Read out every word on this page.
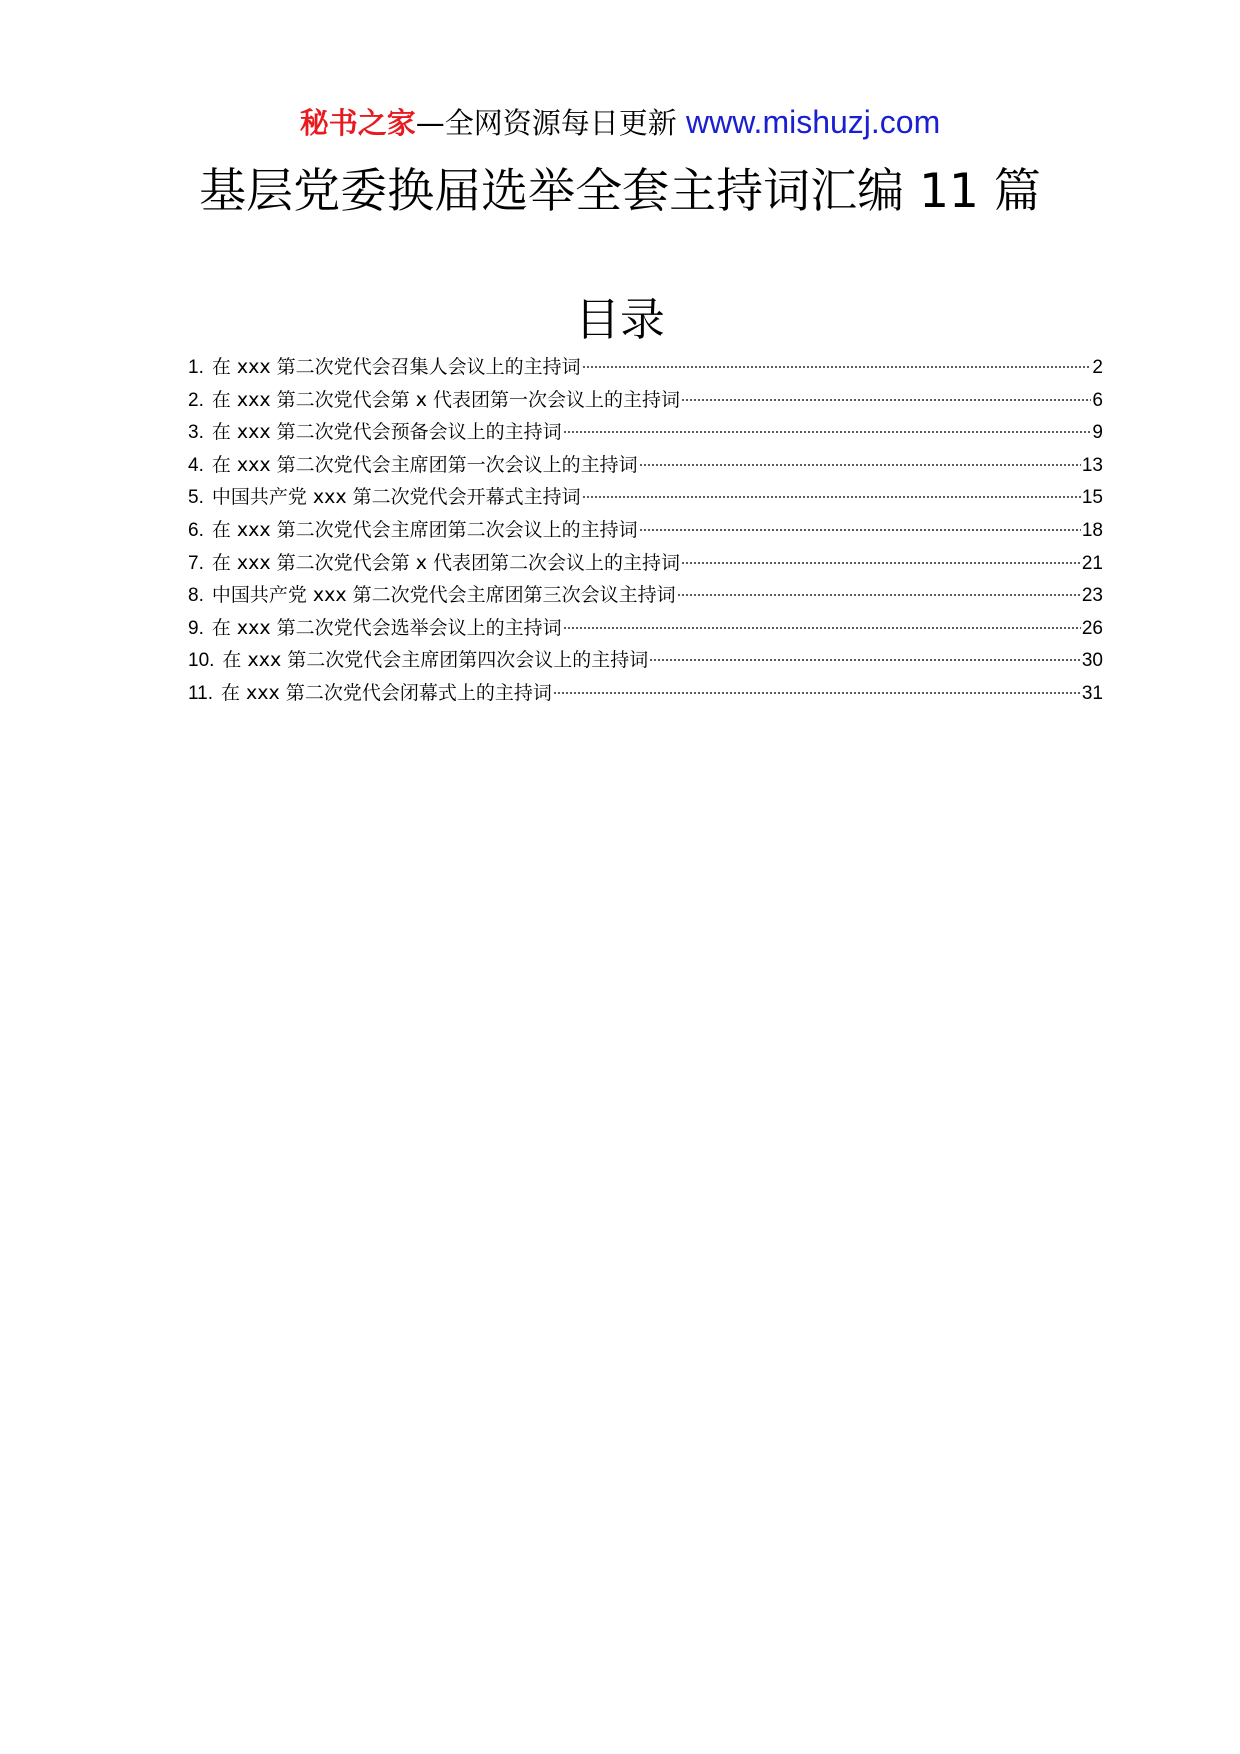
秘书之家—全网资源每日更新 www.mishuzj.com
基层党委换届选举全套主持词汇编 11 篇
目录
1. 在 xxx 第二次党代会召集人会议上的主持词	2
2. 在 xxx 第二次党代会第 x 代表团第一次会议上的主持词	6
3. 在 xxx 第二次党代会预备会议上的主持词	9
4. 在 xxx 第二次党代会主席团第一次会议上的主持词	13
5. 中国共产党 xxx 第二次党代会开幕式主持词	15
6. 在 xxx 第二次党代会主席团第二次会议上的主持词	18
7. 在 xxx 第二次党代会第 x 代表团第二次会议上的主持词	21
8. 中国共产党 xxx 第二次党代会主席团第三次会议主持词	23
9. 在 xxx 第二次党代会选举会议上的主持词	26
10. 在 xxx 第二次党代会主席团第四次会议上的主持词	30
11. 在 xxx 第二次党代会闭幕式上的主持词	31
